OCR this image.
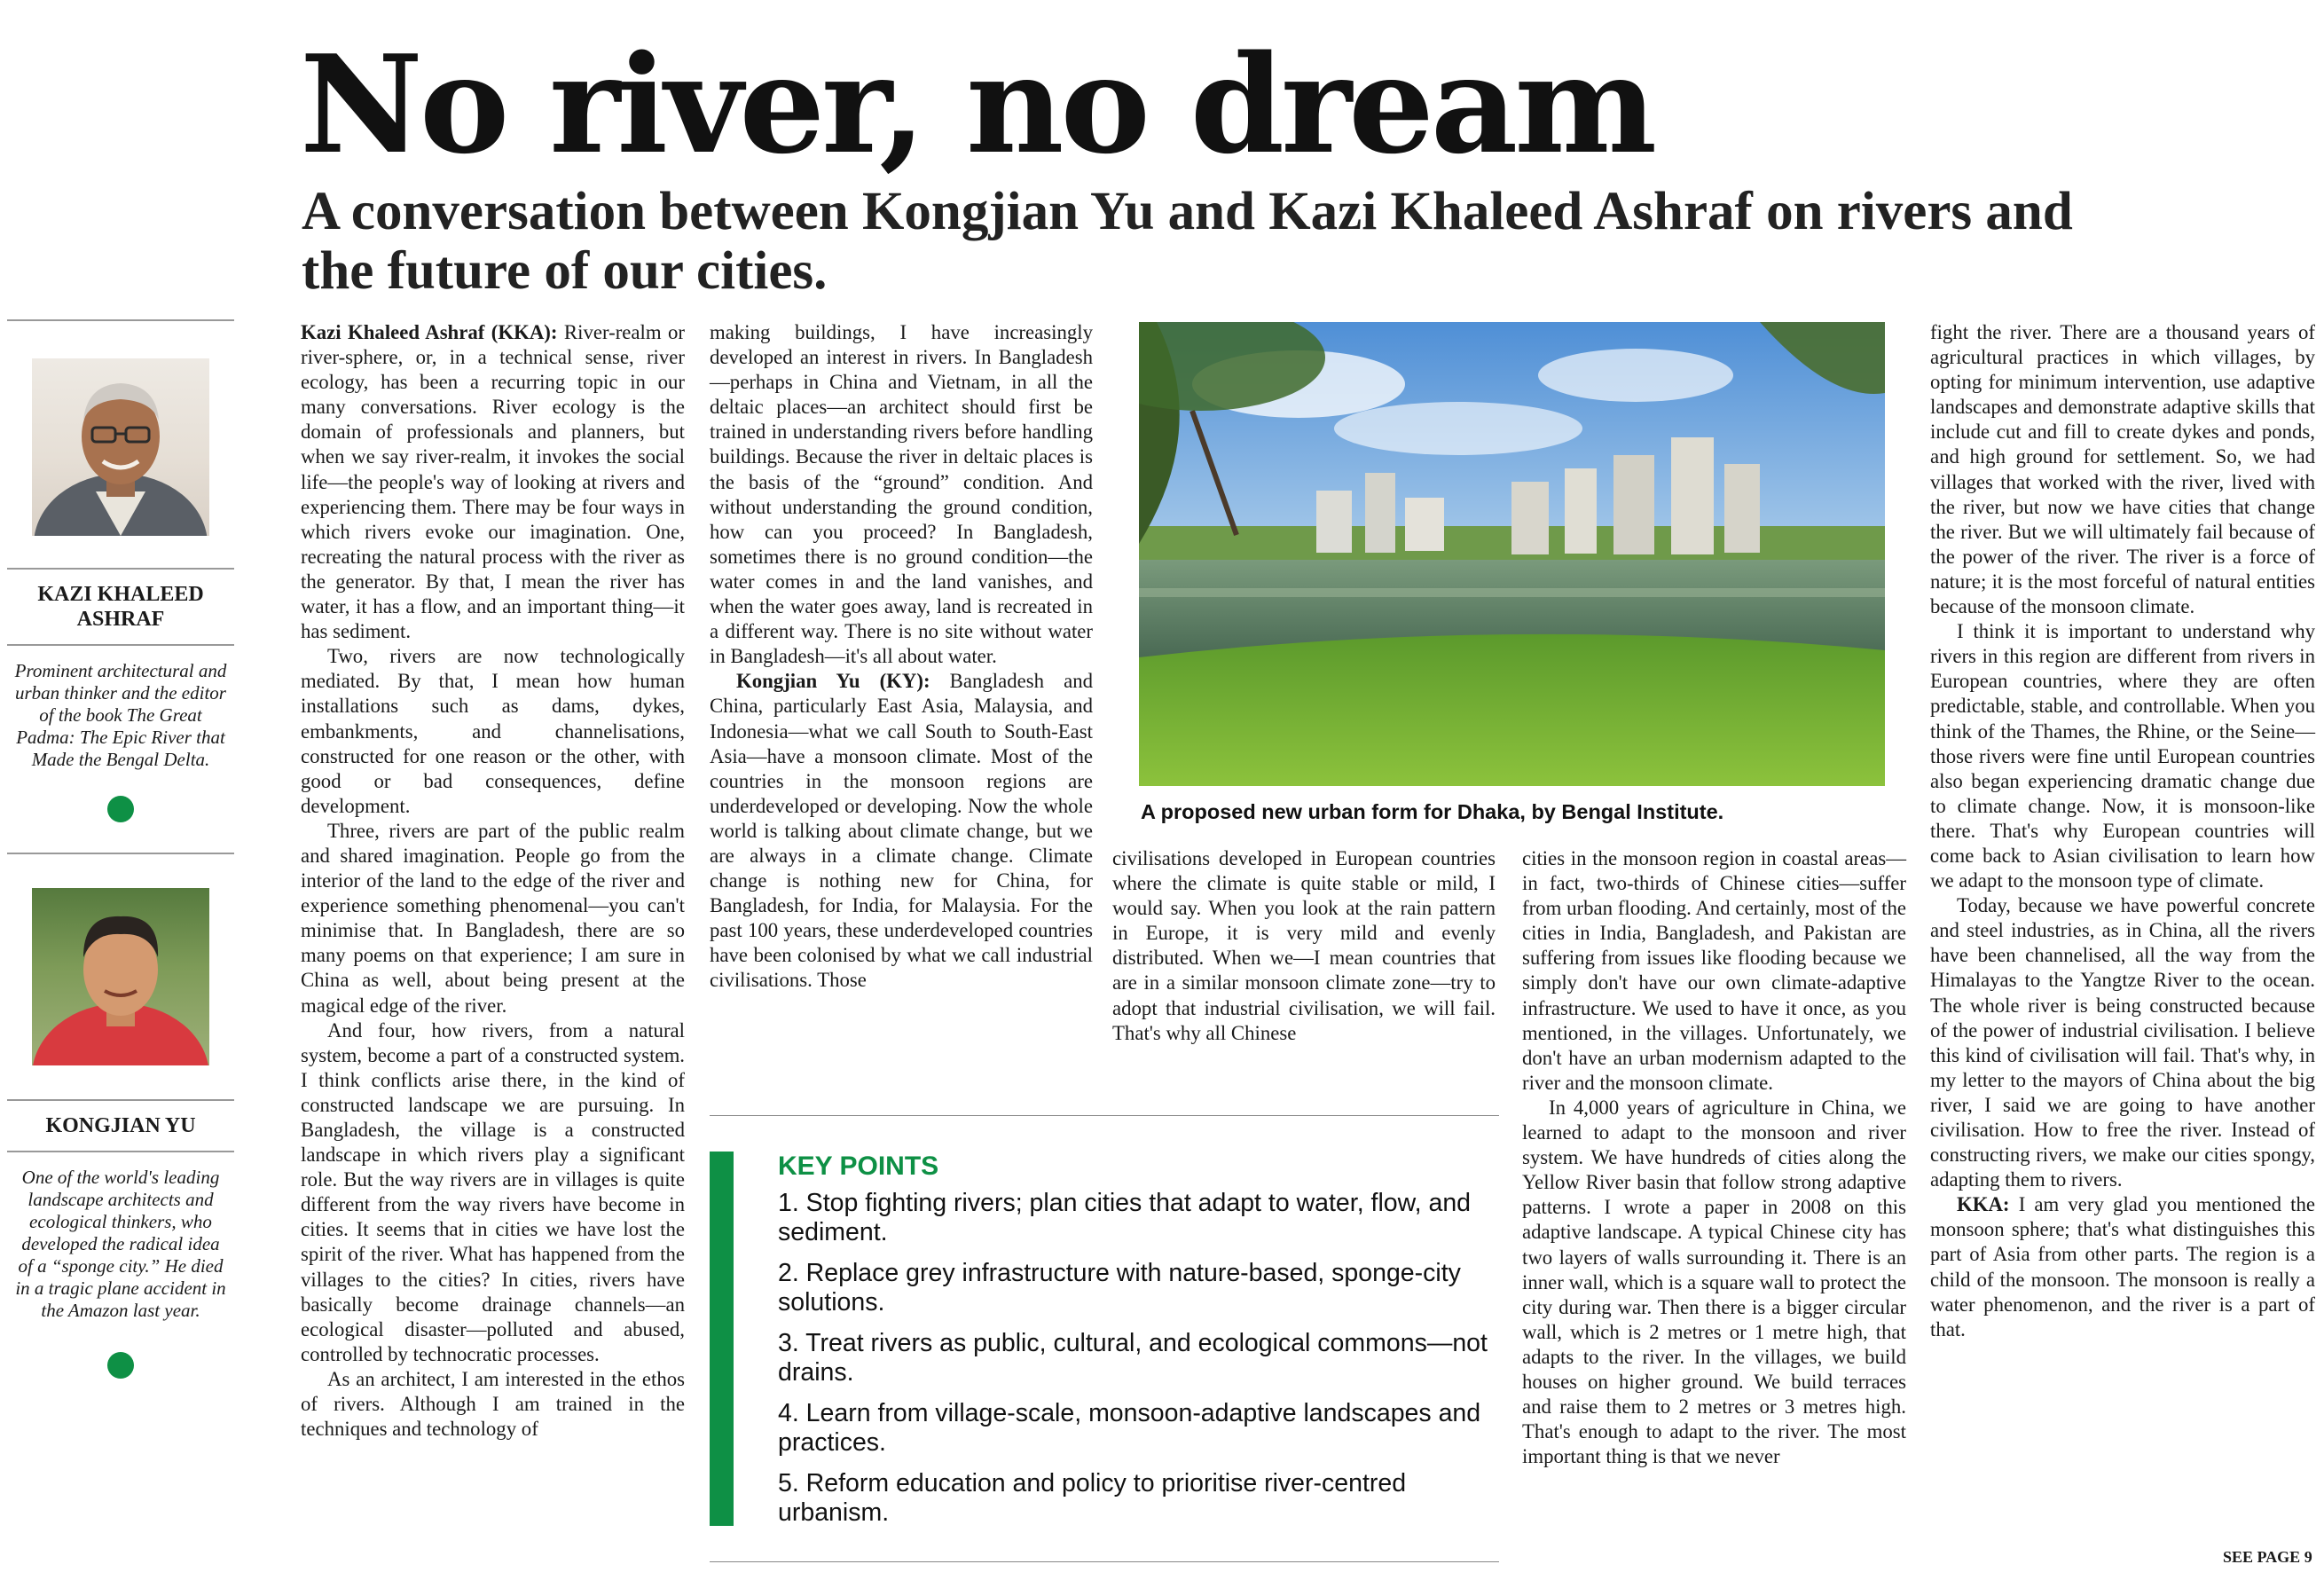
No river, no dream
A conversation between Kongjian Yu and Kazi Khaleed Ashraf on rivers and the future of our cities.
KAZI KHALEED ASHRAF
Prominent architectural and urban thinker and the editor of the book The Great Padma: The Epic River that Made the Bengal Delta.
KONGJIAN YU
One of the world's leading landscape architects and ecological thinkers, who developed the radical idea of a “sponge city.” He died in a tragic plane accident in the Amazon last year.

Kazi Khaleed Ashraf (KKA): River-realm or river-sphere, or, in a technical sense, river ecology, has been a recurring topic in our many conversations. River ecology is the domain of professionals and planners, but when we say river-realm, it invokes the social life—the people's way of looking at rivers and experiencing them. There may be four ways in which rivers evoke our imagination. One, recreating the natural process with the river as the generator. By that, I mean the river has water, it has a flow, and an important thing—it has sediment.

Two, rivers are now technologically mediated. By that, I mean how human installations such as dams, dykes, embankments, and channelisations, constructed for one reason or the other, with good or bad consequences, define development.

Three, rivers are part of the public realm and shared imagination. People go from the interior of the land to the edge of the river and experience something phenomenal—you can't minimise that. In Bangladesh, there are so many poems on that experience; I am sure in China as well, about being present at the magical edge of the river.

And four, how rivers, from a natural system, become a part of a constructed system. I think conflicts arise there, in the kind of constructed landscape we are pursuing. In Bangladesh, the village is a constructed landscape in which rivers play a significant role. But the way rivers are in villages is quite different from the way rivers have become in cities. It seems that in cities we have lost the spirit of the river. What has happened from the villages to the cities? In cities, rivers have basically become drainage channels—an ecological disaster—polluted and abused, controlled by technocratic processes.

As an architect, I am interested in the ethos of rivers. Although I am trained in the techniques and technology of

making buildings, I have increasingly developed an interest in rivers. In Bangladesh—perhaps in China and Vietnam, in all the deltaic places—an architect should first be trained in understanding rivers before handling buildings. Because the river in deltaic places is the basis of the “ground” condition. And without understanding the ground condition, how can you proceed? In Bangladesh, sometimes there is no ground condition—the water comes in and the land vanishes, and when the water goes away, land is recreated in a different way. There is no site without water in Bangladesh—it's all about water.

Kongjian Yu (KY): Bangladesh and China, particularly East Asia, Malaysia, and Indonesia—what we call South to South-East Asia—have a monsoon climate. Most of the countries in the monsoon regions are underdeveloped or developing. Now the whole world is talking about climate change, but we are always in a climate change. Climate change is nothing new for China, for Bangladesh, for India, for Malaysia. For the past 100 years, these underdeveloped countries have been colonised by what we call industrial civilisations. Those

A proposed new urban form for Dhaka, by Bengal Institute.

civilisations developed in European countries where the climate is quite stable or mild, I would say. When you look at the rain pattern in Europe, it is very mild and evenly distributed. When we—I mean countries that are in a similar monsoon climate zone—try to adopt that industrial civilisation, we will fail. That's why all Chinese

cities in the monsoon region in coastal areas— in fact, two-thirds of Chinese cities—suffer from urban flooding. And certainly, most of the cities in India, Bangladesh, and Pakistan are suffering from issues like flooding because we simply don't have our own climate-adaptive infrastructure. We used to have it once, as you mentioned, in the villages. Unfortunately, we don't have an urban modernism adapted to the river and the monsoon climate.

In 4,000 years of agriculture in China, we learned to adapt to the monsoon and river system. We have hundreds of cities along the Yellow River basin that follow strong adaptive patterns. I wrote a paper in 2008 on this adaptive landscape. A typical Chinese city has two layers of walls surrounding it. There is an inner wall, which is a square wall to protect the city during war. Then there is a bigger circular wall, which is 2 metres or 1 metre high, that adapts to the river. In the villages, we build houses on higher ground. We build terraces and raise them to 2 metres or 3 metres high. That's enough to adapt to the river. The most important thing is that we never

fight the river. There are a thousand years of agricultural practices in which villages, by opting for minimum intervention, use adaptive landscapes and demonstrate adaptive skills that include cut and fill to create dykes and ponds, and high ground for settlement. So, we had villages that worked with the river, lived with the river, but now we have cities that change the river. But we will ultimately fail because of the power of the river. The river is a force of nature; it is the most forceful of natural entities because of the monsoon climate.

I think it is important to understand why rivers in this region are different from rivers in European countries, where they are often predictable, stable, and controllable. When you think of the Thames, the Rhine, or the Seine—those rivers were fine until European countries also began experiencing dramatic change due to climate change. Now, it is monsoon-like there. That's why European countries will come back to Asian civilisation to learn how we adapt to the monsoon type of climate.

Today, because we have powerful concrete and steel industries, as in China, all the rivers have been channelised, all the way from the Himalayas to the Yangtze River to the ocean. The whole river is being constructed because of the power of industrial civilisation. I believe this kind of civilisation will fail. That's why, in my letter to the mayors of China about the big river, I said we are going to have another civilisation. How to free the river. Instead of constructing rivers, we make our cities spongy, adapting them to rivers.

KKA: I am very glad you mentioned the monsoon sphere; that's what distinguishes this part of Asia from other parts. The region is a child of the monsoon. The monsoon is really a water phenomenon, and the river is a part of that.

KEY POINTS
1. Stop fighting rivers; plan cities that adapt to water, flow, and sediment.
2. Replace grey infrastructure with nature-based, sponge-city solutions.
3. Treat rivers as public, cultural, and ecological commons—not drains.
4. Learn from village-scale, monsoon-adaptive landscapes and practices.
5. Reform education and policy to prioritise river-centred urbanism.
SEE PAGE 9
